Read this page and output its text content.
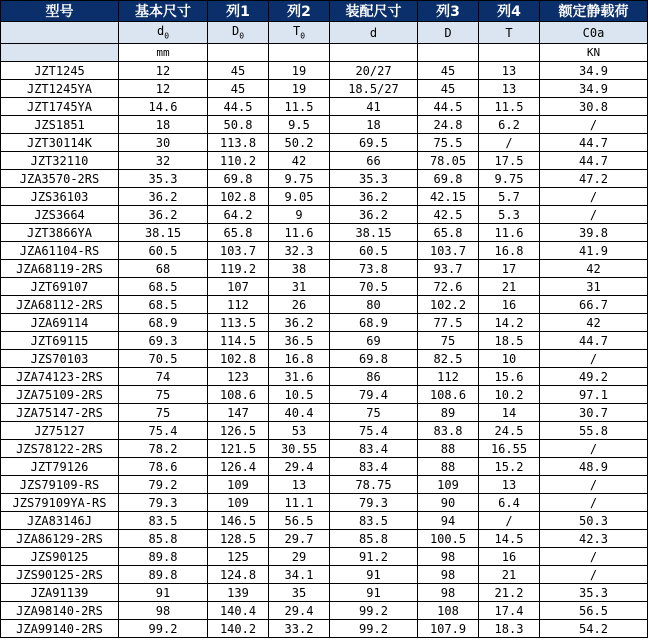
型号	基本尺寸	列1	列2	装配尺寸	列3	列4	额定静载荷
	$d_0$	$D_0$	$T_0$	d	D	T	C0a
	mm						KN
JZT1245	12	45	19	20/27	45	13	34.9
JZT1245YA	12	45	19	18.5/27	45	13	34.9
JZT1745YA	14.6	44.5	11.5	41	44.5	11.5	30.8
JZS1851	18	50.8	9.5	18	24.8	6.2	/
JZT30114K	30	113.8	50.2	69.5	75.5	/	44.7
JZT32110	32	110.2	42	66	78.05	17.5	44.7
JZA3570-2RS	35.3	69.8	9.75	35.3	69.8	9.75	47.2
JZS36103	36.2	102.8	9.05	36.2	42.15	5.7	/
JZS3664	36.2	64.2	9	36.2	42.5	5.3	/
JZT3866YA	38.15	65.8	11.6	38.15	65.8	11.6	39.8
JZA61104-RS	60.5	103.7	32.3	60.5	103.7	16.8	41.9
JZA68119-2RS	68	119.2	38	73.8	93.7	17	42
JZT69107	68.5	107	31	70.5	72.6	21	31
JZA68112-2RS	68.5	112	26	80	102.2	16	66.7
JZA69114	68.9	113.5	36.2	68.9	77.5	14.2	42
JZT69115	69.3	114.5	36.5	69	75	18.5	44.7
JZS70103	70.5	102.8	16.8	69.8	82.5	10	/
JZA74123-2RS	74	123	31.6	86	112	15.6	49.2
JZA75109-2RS	75	108.6	10.5	79.4	108.6	10.2	97.1
JZA75147-2RS	75	147	40.4	75	89	14	30.7
JZ75127	75.4	126.5	53	75.4	83.8	24.5	55.8
JZS78122-2RS	78.2	121.5	30.55	83.4	88	16.55	/
JZT79126	78.6	126.4	29.4	83.4	88	15.2	48.9
JZS79109-RS	79.2	109	13	78.75	109	13	/
JZS79109YA-RS	79.3	109	11.1	79.3	90	6.4	/
JZA83146J	83.5	146.5	56.5	83.5	94	/	50.3
JZA86129-2RS	85.8	128.5	29.7	85.8	100.5	14.5	42.3
JZS90125	89.8	125	29	91.2	98	16	/
JZS90125-2RS	89.8	124.8	34.1	91	98	21	/
JZA91139	91	139	35	91	98	21.2	35.3
JZA98140-2RS	98	140.4	29.4	99.2	108	17.4	56.5
JZA99140-2RS	99.2	140.2	33.2	99.2	107.9	18.3	54.2
